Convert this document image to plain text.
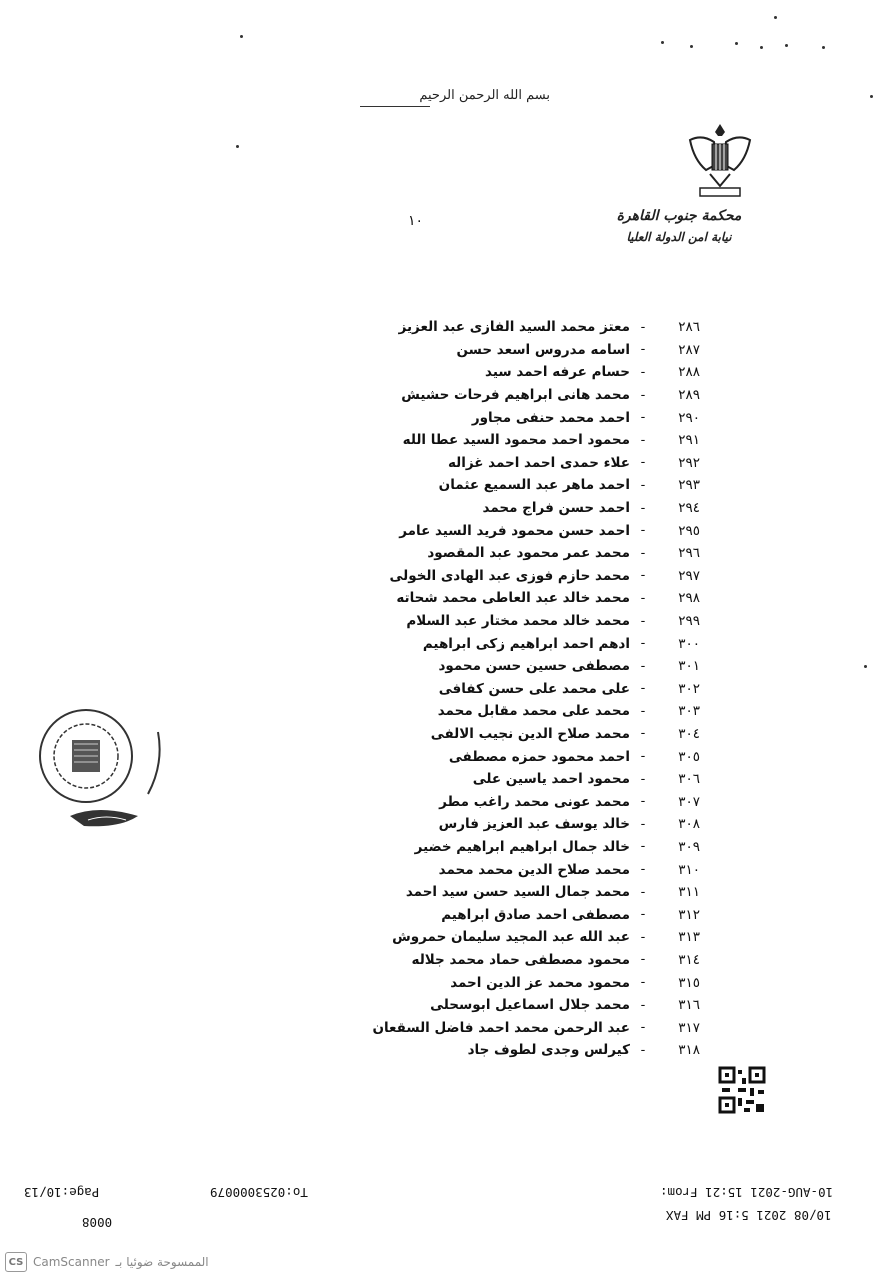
بسم الله الرحمن الرحيم
محكمة جنوب القاهرة
نيابة امن الدولة العليا
١٠
٢٨٦
-
معتز محمد السيد الفازى عبد العزيز
٢٨٧
-
اسامه مدروس اسعد حسن
٢٨٨
-
حسام عرفه احمد سيد
٢٨٩
-
محمد هانى ابراهيم فرحات حشيش
٢٩٠
-
احمد محمد حنفى مجاور
٢٩١
-
محمود احمد محمود السيد عطا الله
٢٩٢
-
علاء حمدى احمد احمد غزاله
٢٩٣
-
احمد ماهر عبد السميع عثمان
٢٩٤
-
احمد حسن فراج محمد
٢٩٥
-
احمد حسن محمود فريد السيد عامر
٢٩٦
-
محمد عمر محمود عبد المقصود
٢٩٧
-
محمد حازم فوزى عبد الهادى الخولى
٢٩٨
-
محمد خالد عبد العاطى محمد شحاته
٢٩٩
-
محمد خالد محمد مختار عبد السلام
٣٠٠
-
ادهم احمد ابراهيم زكى ابراهيم
٣٠١
-
مصطفى حسين حسن محمود
٣٠٢
-
على محمد على حسن كفافى
٣٠٣
-
محمد على محمد مقابل محمد
٣٠٤
-
محمد صلاح الدين نجيب الالفى
٣٠٥
-
احمد محمود حمزه مصطفى
٣٠٦
-
محمود احمد ياسين على
٣٠٧
-
محمد عونى محمد راغب مطر
٣٠٨
-
خالد يوسف عبد العزيز فارس
٣٠٩
-
خالد جمال ابراهيم ابراهيم خضير
٣١٠
-
محمد صلاح الدين محمد محمد
٣١١
-
محمد جمال السيد حسن سيد احمد
٣١٢
-
مصطفى احمد صادق ابراهيم
٣١٣
-
عبد الله عبد المجيد سليمان حمروش
٣١٤
-
محمود مصطفى حماد محمد جلاله
٣١٥
-
محمود محمد عز الدين احمد
٣١٦
-
محمد جلال اسماعيل ابوسحلى
٣١٧
-
عبد الرحمن محمد احمد فاضل السقعان
٣١٨
-
كيرلس وجدى لطوف جاد
10-AUG-2021 15:21 From:
10/08 2021 5:16 PM FAX
To:0253000079
Page:10/13
0008
CS CamScanner الممسوحة ضوئيا بـ
